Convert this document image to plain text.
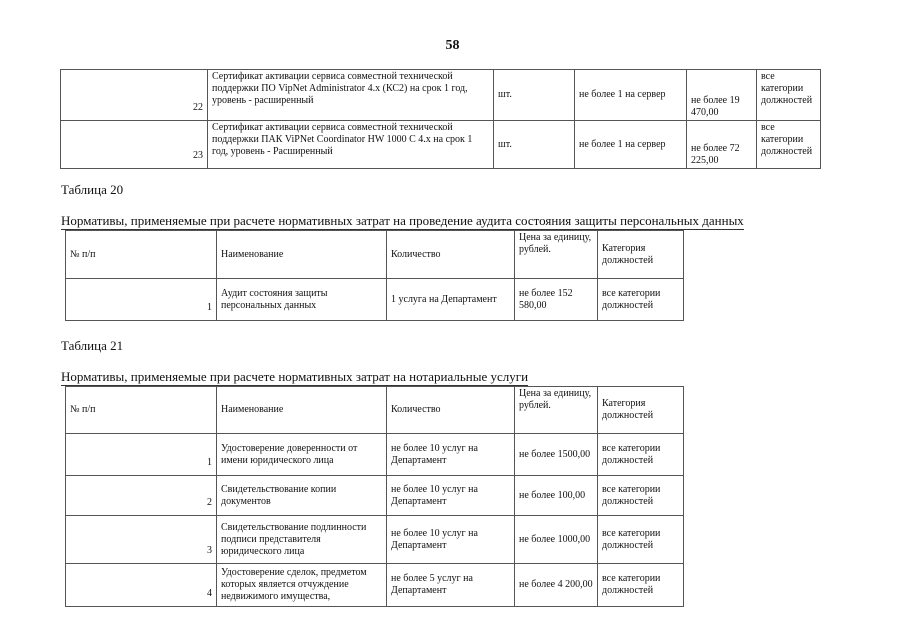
58
22	Сертификат активации сервиса совместной технической поддержки ПО VipNet Administrator 4.x (КС2) на срок 1 год, уровень - расширенный	шт.	не более 1 на сервер	не более 19 470,00	все категории должностей
23	Сертификат активации сервиса совместной технической поддержки ПАК ViPNet Coordinator HW 1000 С 4.x на срок 1 год, уровень - Расширенный	шт.	не более 1 на сервер	не более 72 225,00	все категории должностей
Таблица 20
Нормативы, применяемые при расчете нормативных затрат на проведение аудита состояния защиты персональных данных
№ п/п	Наименование	Количество	Цена за единицу, рублей.	Категория должностей
1	Аудит состояния защиты персональных данных	1 услуга на Департамент	не более 152 580,00	все категории должностей
Таблица 21
Нормативы, применяемые при расчете нормативных затрат на нотариальные услуги
№ п/п	Наименование	Количество	Цена за единицу, рублей.	Категория должностей
1	Удостоверение доверенности от имени юридического лица	не более 10 услуг на Департамент	не более 1500,00	все категории должностей
2	Свидетельствование копии документов	не более 10 услуг на Департамент	не более 100,00	все категории должностей
3	Свидетельствование подлинности подписи представителя юридического лица	не более 10 услуг на Департамент	не более 1000,00	все категории должностей
4	Удостоверение сделок, предметом которых является отчуждение недвижимого имущества,	не более 5 услуг на Департамент	не более 4 200,00	все категории должностей
